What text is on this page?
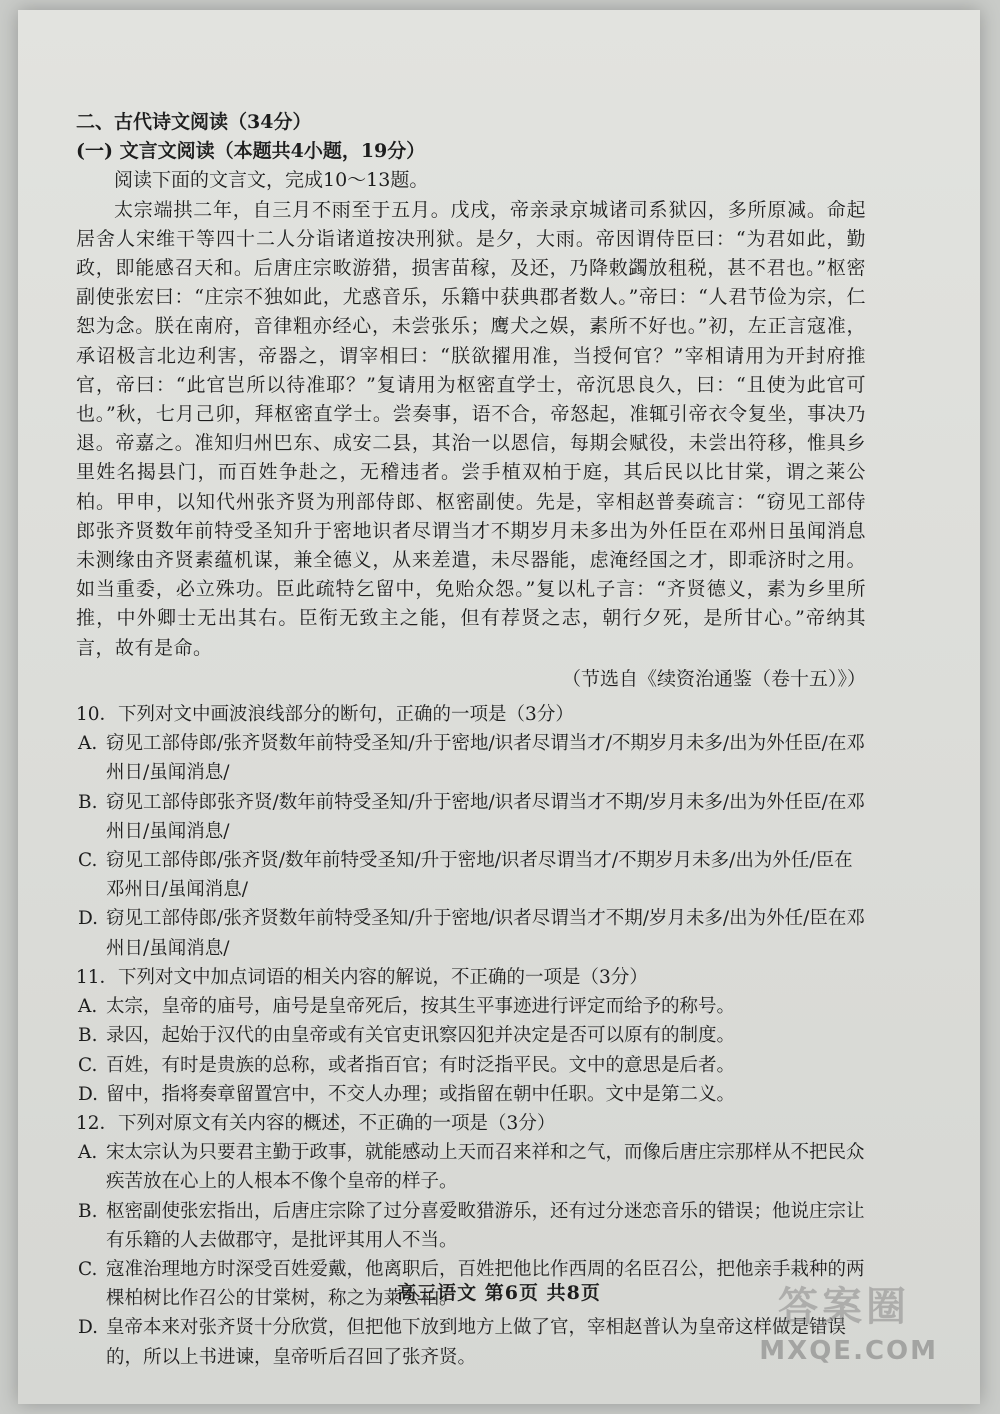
二、古代诗文阅读（34分）

(一) 文言文阅读（本题共4小题，19分）

阅读下面的文言文，完成10～13题。

太宗端拱二年，自三月不雨至于五月。戊戌，帝亲录京城诸司系狱囚，多所原减。命起居舍人宋维干等四十二人分诣诸道按决刑狱。是夕，大雨。帝因谓侍臣曰：“为君如此，勤政，即能感召天和。后唐庄宗畋游猎，损害苗稼，及还，乃降敕蠲放租税，甚不君也。”枢密副使张宏曰：“庄宗不独如此，尤惑音乐，乐籍中获典郡者数人。”帝曰：“人君节俭为宗，仁恕为念。朕在南府，音律粗亦经心，未尝张乐；鹰犬之娱，素所不好也。”初，左正言寇准，承诏极言北边利害，帝器之，谓宰相曰：“朕欲擢用准，当授何官？”宰相请用为开封府推官，帝曰：“此官岂所以待准耶？”复请用为枢密直学士，帝沉思良久，曰：“且使为此官可也。”秋，七月己卯，拜枢密直学士。尝奏事，语不合，帝怒起，准辄引帝衣令复坐，事决乃退。帝嘉之。准知归州巴东、成安二县，其治一以恩信，每期会赋役，未尝出符移，惟具乡里姓名揭县门，而百姓争赴之，无稽违者。尝手植双柏于庭，其后民以比甘棠，谓之莱公柏。甲申，以知代州张齐贤为刑部侍郎、枢密副使。先是，宰相赵普奏疏言：“窃见工部侍郎张齐贤数年前特受圣知升于密地识者尽谓当才不期岁月未多出为外任臣在邓州日虽闻消息未测缘由齐贤素蕴机谋，兼全德义，从来差遣，未尽器能，虑淹经国之才，即乖济时之用。如当重委，必立殊功。臣此疏特乞留中，免贻众怨。”复以札子言：“齐贤德义，素为乡里所推，中外卿士无出其右。臣衔无致主之能，但有荐贤之志，朝行夕死，是所甘心。”帝纳其言，故有是命。

（节选自《续资治通鉴（卷十五）》）

10．下列对文中画波浪线部分的断句，正确的一项是（3分）

A. 窃见工部侍郎/张齐贤数年前特受圣知/升于密地/识者尽谓当才/不期岁月未多/出为外任臣/在邓州日/虽闻消息/

B. 窃见工部侍郎张齐贤/数年前特受圣知/升于密地/识者尽谓当才不期/岁月未多/出为外任臣/在邓州日/虽闻消息/

C. 窃见工部侍郎/张齐贤/数年前特受圣知/升于密地/识者尽谓当才/不期岁月未多/出为外任/臣在邓州日/虽闻消息/

D. 窃见工部侍郎/张齐贤数年前特受圣知/升于密地/识者尽谓当才不期/岁月未多/出为外任/臣在邓州日/虽闻消息/

11．下列对文中加点词语的相关内容的解说，不正确的一项是（3分）

A. 太宗，皇帝的庙号，庙号是皇帝死后，按其生平事迹进行评定而给予的称号。

B. 录囚，起始于汉代的由皇帝或有关官吏讯察囚犯并决定是否可以原有的制度。

C. 百姓，有时是贵族的总称，或者指百官；有时泛指平民。文中的意思是后者。

D. 留中，指将奏章留置宫中，不交人办理；或指留在朝中任职。文中是第二义。

12．下列对原文有关内容的概述，不正确的一项是（3分）

A. 宋太宗认为只要君主勤于政事，就能感动上天而召来祥和之气，而像后唐庄宗那样从不把民众疾苦放在心上的人根本不像个皇帝的样子。

B. 枢密副使张宏指出，后唐庄宗除了过分喜爱畋猎游乐，还有过分迷恋音乐的错误；他说庄宗让有乐籍的人去做郡守，是批评其用人不当。

C. 寇准治理地方时深受百姓爱戴，他离职后，百姓把他比作西周的名臣召公，把他亲手栽种的两棵柏树比作召公的甘棠树，称之为莱公柏。

D. 皇帝本来对张齐贤十分欣赏，但把他下放到地方上做了官，宰相赵普认为皇帝这样做是错误的，所以上书进谏，皇帝听后召回了张齐贤。

高三语文 第6页 共8页	答案圈
MXQE.COM
